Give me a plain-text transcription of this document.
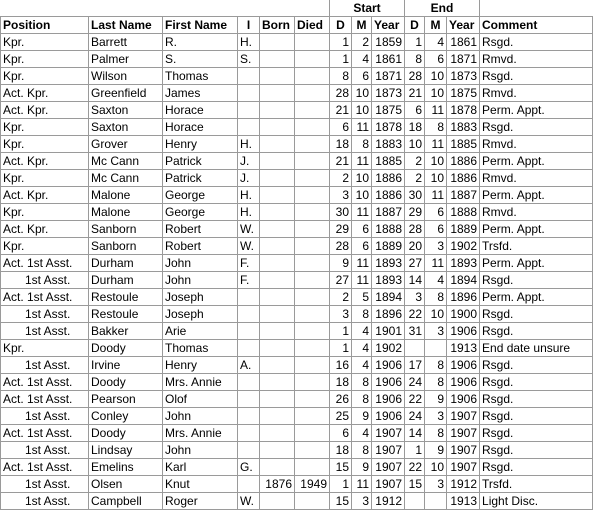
						Start			End			
Position	Last Name	First Name	I	Born	Died	D	M	Year	D	M	Year	Comment
Kpr.	Barrett	R.	H.			1	2	1859	1	4	1861	Rsgd.
Kpr.	Palmer	S.	S.			1	4	1861	8	6	1871	Rmvd.
Kpr.	Wilson	Thomas				8	6	1871	28	10	1873	Rsgd.
Act. Kpr.	Greenfield	James				28	10	1873	21	10	1875	Rmvd.
Act. Kpr.	Saxton	Horace				21	10	1875	6	11	1878	Perm. Appt.
Kpr.	Saxton	Horace				6	11	1878	18	8	1883	Rsgd.
Kpr.	Grover	Henry	H.			18	8	1883	10	11	1885	Rmvd.
Act. Kpr.	Mc Cann	Patrick	J.			21	11	1885	2	10	1886	Perm. Appt.
Kpr.	Mc Cann	Patrick	J.			2	10	1886	2	10	1886	Rmvd.
Act. Kpr.	Malone	George	H.			3	10	1886	30	11	1887	Perm. Appt.
Kpr.	Malone	George	H.			30	11	1887	29	6	1888	Rmvd.
Act. Kpr.	Sanborn	Robert	W.			29	6	1888	28	6	1889	Perm. Appt.
Kpr.	Sanborn	Robert	W.			28	6	1889	20	3	1902	Trsfd.
Act. 1st Asst.	Durham	John	F.			9	11	1893	27	11	1893	Perm. Appt.
1st Asst.	Durham	John	F.			27	11	1893	14	4	1894	Rsgd.
Act. 1st Asst.	Restoule	Joseph				2	5	1894	3	8	1896	Perm. Appt.
1st Asst.	Restoule	Joseph				3	8	1896	22	10	1900	Rsgd.
1st Asst.	Bakker	Arie				1	4	1901	31	3	1906	Rsgd.
Kpr.	Doody	Thomas				1	4	1902			1913	End date unsure
1st Asst.	Irvine	Henry	A.			16	4	1906	17	8	1906	Rsgd.
Act. 1st Asst.	Doody	Mrs. Annie				18	8	1906	24	8	1906	Rsgd.
Act. 1st Asst.	Pearson	Olof				26	8	1906	22	9	1906	Rsgd.
1st Asst.	Conley	John				25	9	1906	24	3	1907	Rsgd.
Act. 1st Asst.	Doody	Mrs. Annie				6	4	1907	14	8	1907	Rsgd.
1st Asst.	Lindsay	John				18	8	1907	1	9	1907	Rsgd.
Act. 1st Asst.	Emelins	Karl	G.			15	9	1907	22	10	1907	Rsgd.
1st Asst.	Olsen	Knut		1876	1949	1	11	1907	15	3	1912	Trsfd.
1st Asst.	Campbell	Roger	W.			15	3	1912			1913	Light Disc.
